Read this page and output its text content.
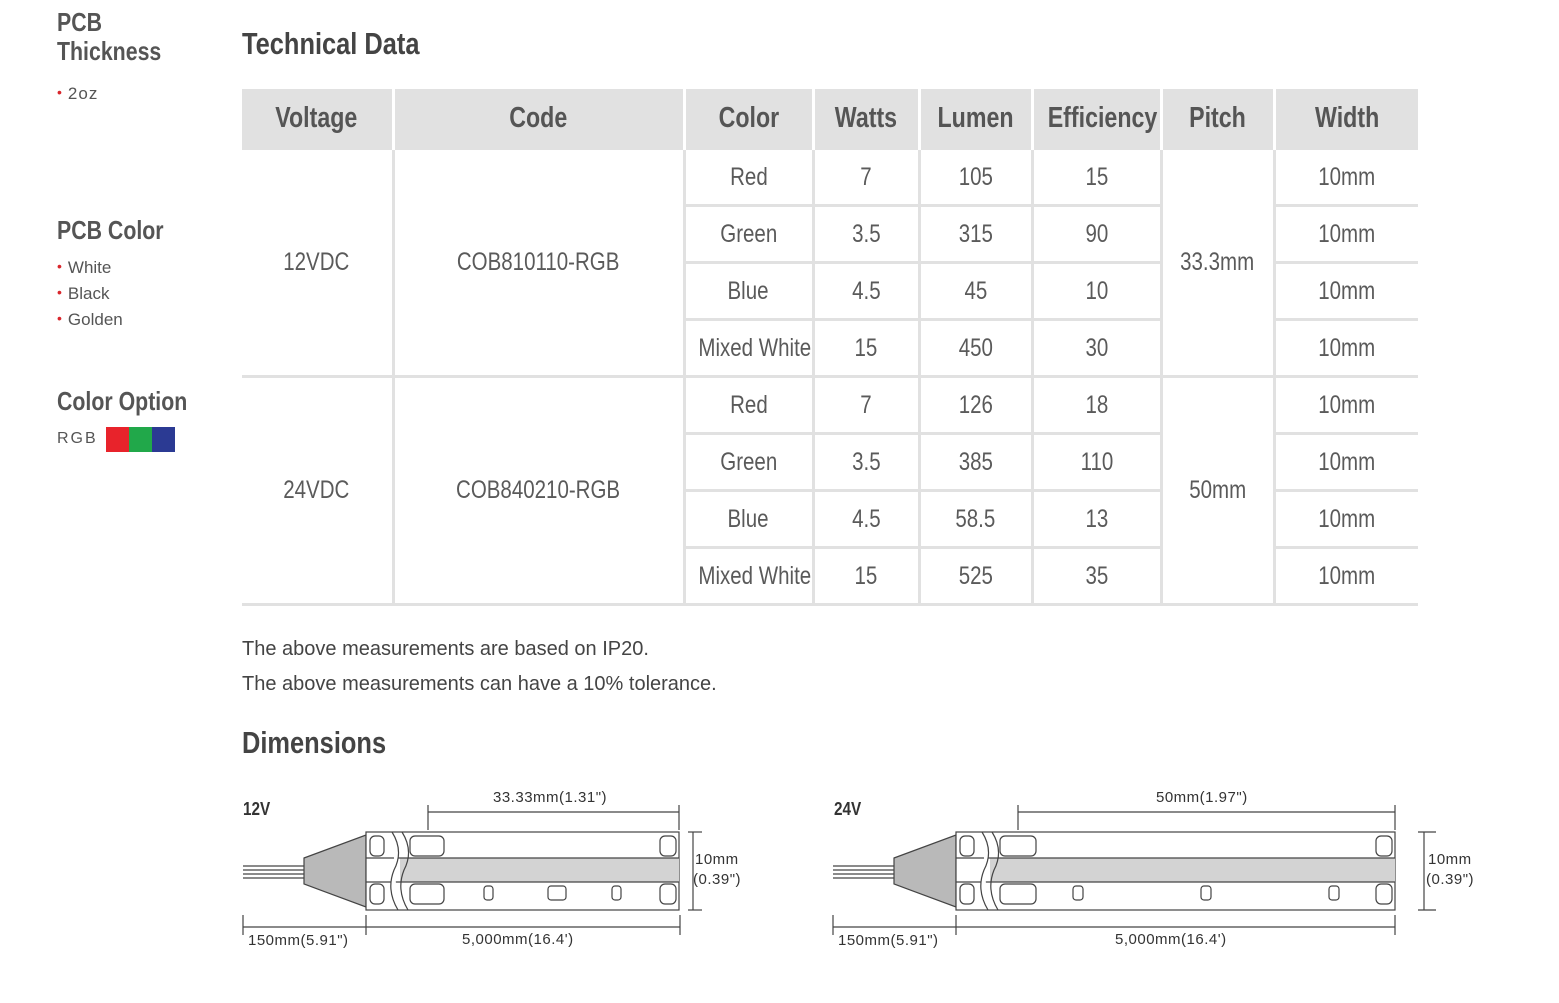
PCB
Thickness
• 2oz
PCB Color
• White
• Black
• Golden
Color Option
RGB
Technical Data
Voltage	Code	Color	Watts	Lumen	Efficiency	Pitch	Width
12VDC	COB810110-RGB	Red	7	105	15	33.3mm	10mm
		Green	3.5	315	90		10mm
		Blue	4.5	45	10		10mm
		Mixed White	15	450	30		10mm
24VDC	COB840210-RGB	Red	7	126	18	50mm	10mm
		Green	3.5	385	110		10mm
		Blue	4.5	58.5	13		10mm
		Mixed White	15	525	35		10mm
The above measurements are based on IP20.
The above measurements can have a 10% tolerance.
Dimensions
12V
33.33mm(1.31")
10mm
(0.39")
150mm(5.91")	5,000mm(16.4')
24V
50mm(1.97")
10mm
(0.39")
150mm(5.91")	5,000mm(16.4')
